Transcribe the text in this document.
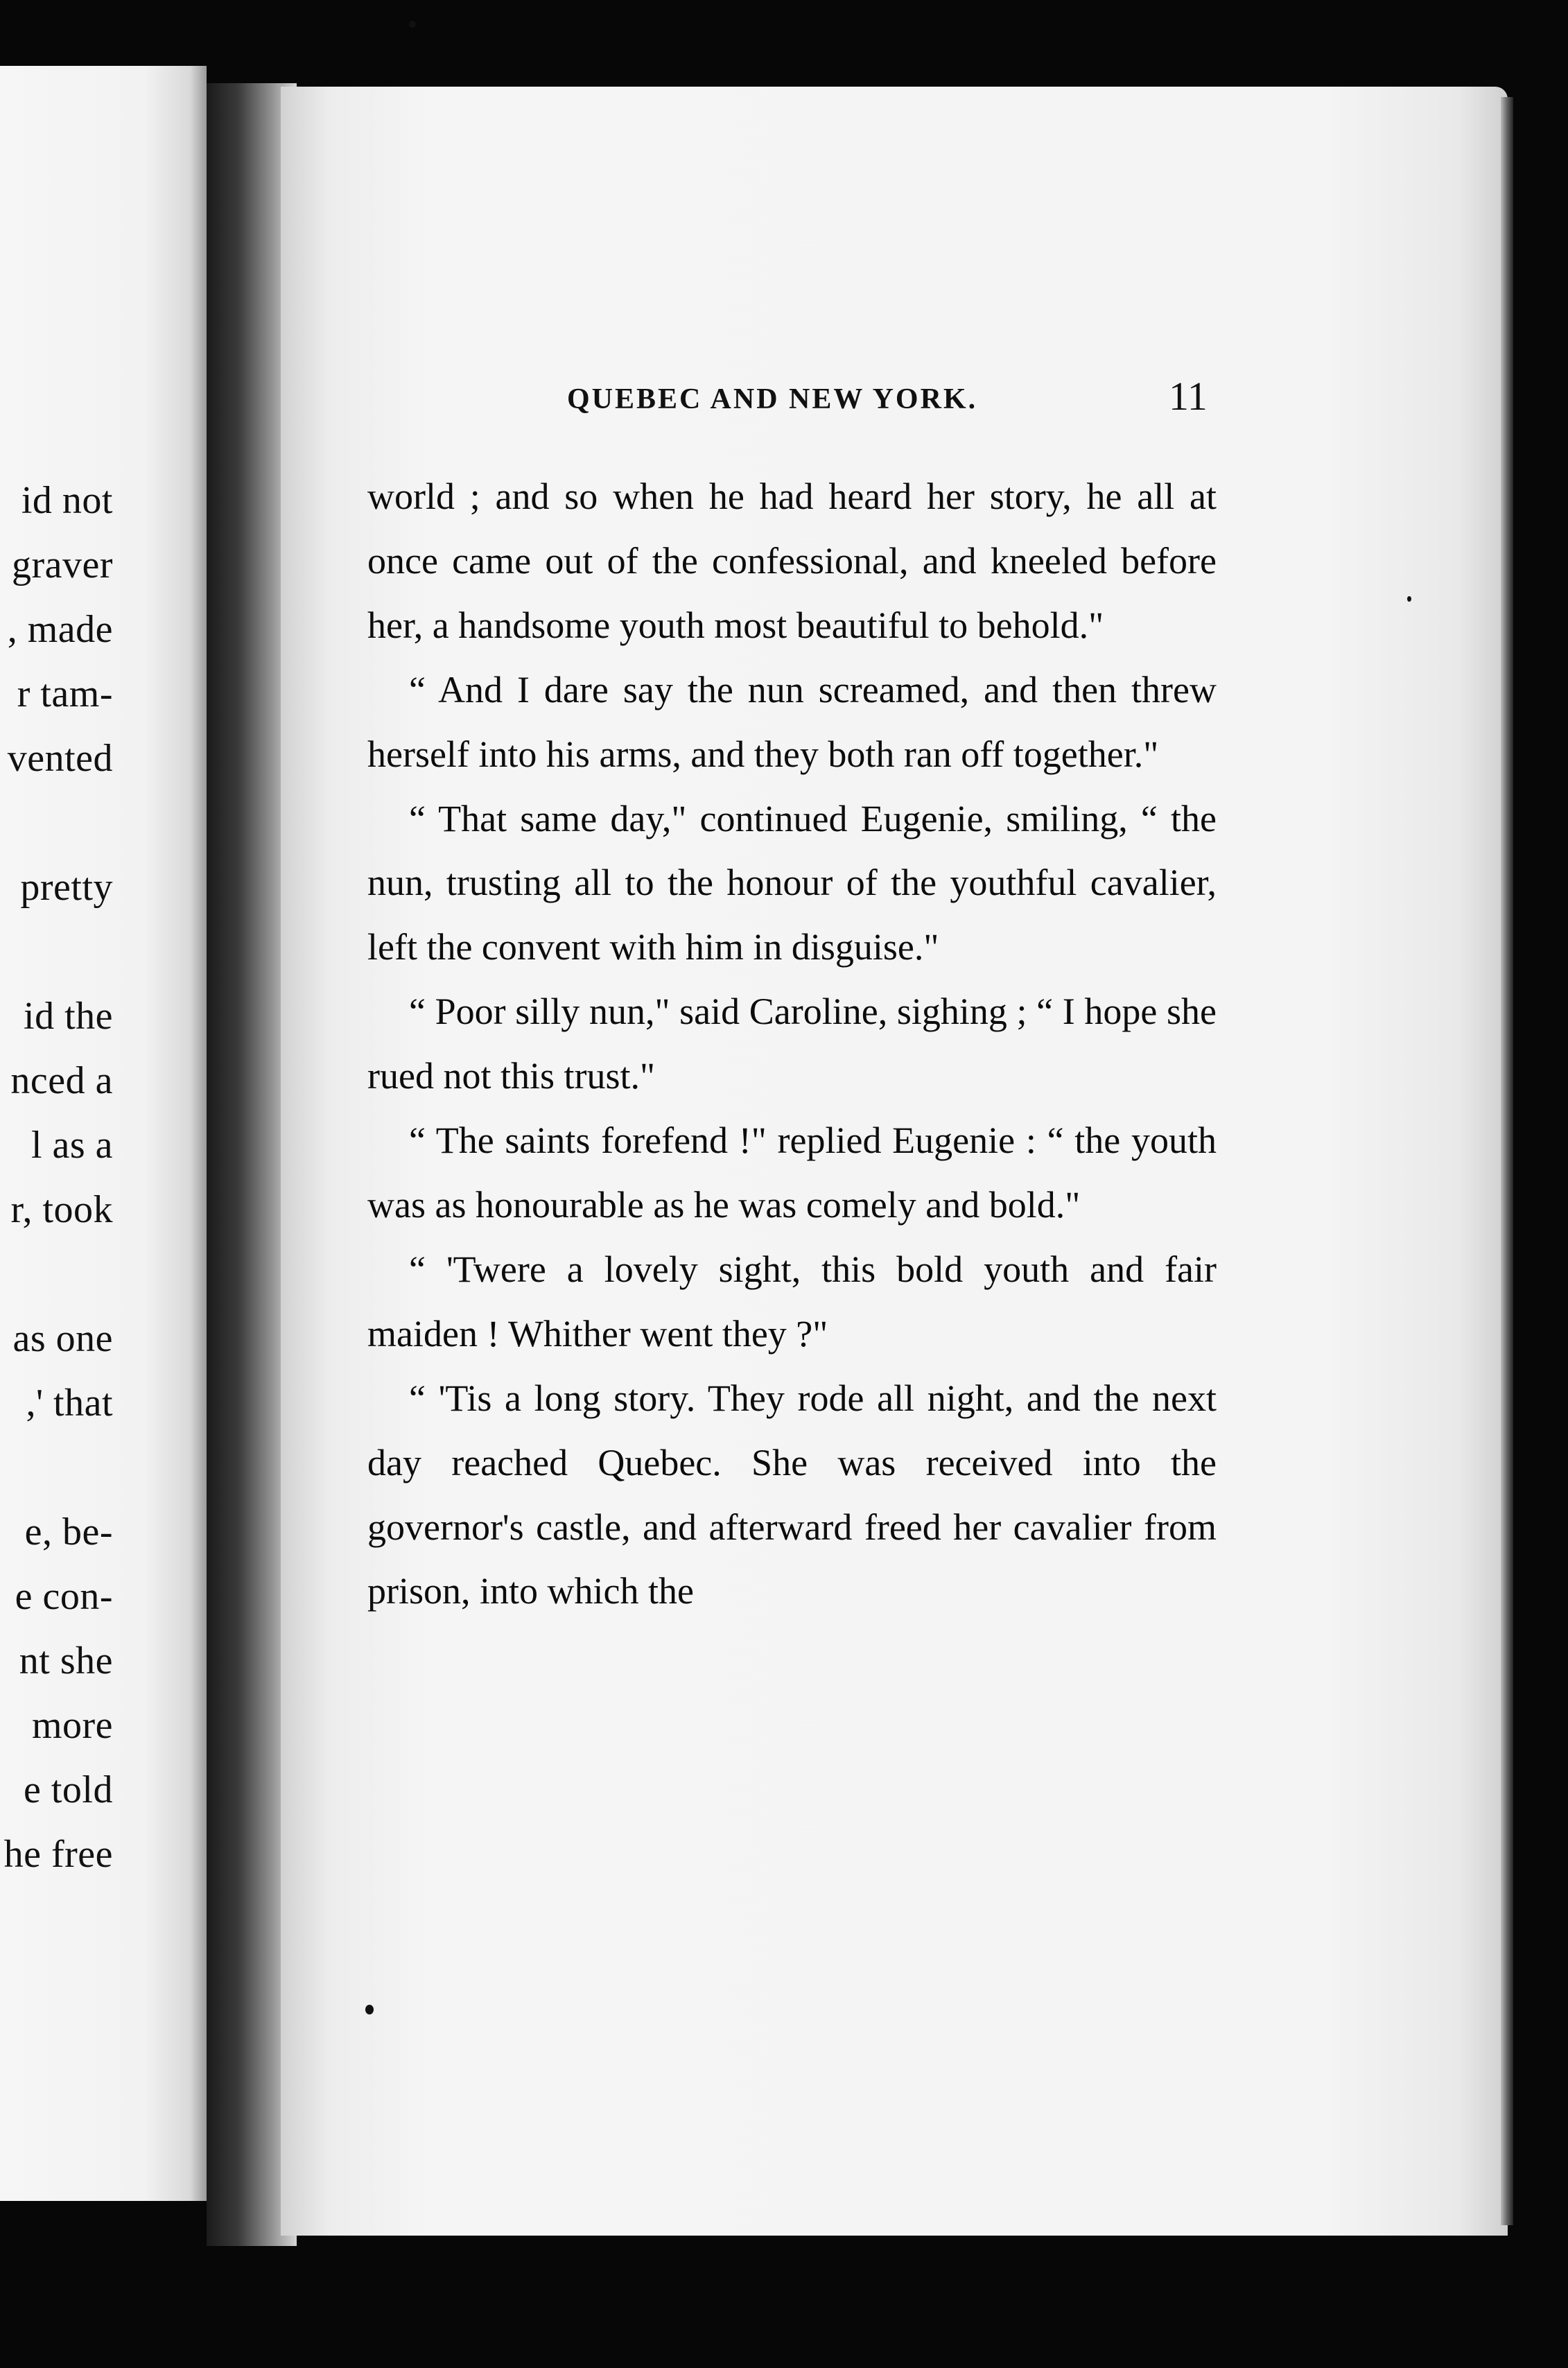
id not
graver
, made
r tam-
vented
pretty
id the
nced a
l as a
r, took
as one
,' that
e, be-
e con-
nt she
more
e told
he free
QUEBEC AND NEW YORK.	11

world ; and so when he had heard her story, he all at once came out of the confessional, and kneeled before her, a handsome youth most beautiful to behold."

“ And I dare say the nun screamed, and then threw herself into his arms, and they both ran off together."

“ That same day," continued Eugenie, smiling, “ the nun, trusting all to the honour of the youthful cavalier, left the convent with him in disguise."

“ Poor silly nun," said Caroline, sighing ; “ I hope she rued not this trust."

“ The saints forefend !" replied Eugenie : “ the youth was as honourable as he was comely and bold."

“ 'Twere a lovely sight, this bold youth and fair maiden ! Whither went they ?"

“ 'Tis a long story. They rode all night, and the next day reached Quebec. She was received into the governor's castle, and afterward freed her cavalier from prison, into which the
